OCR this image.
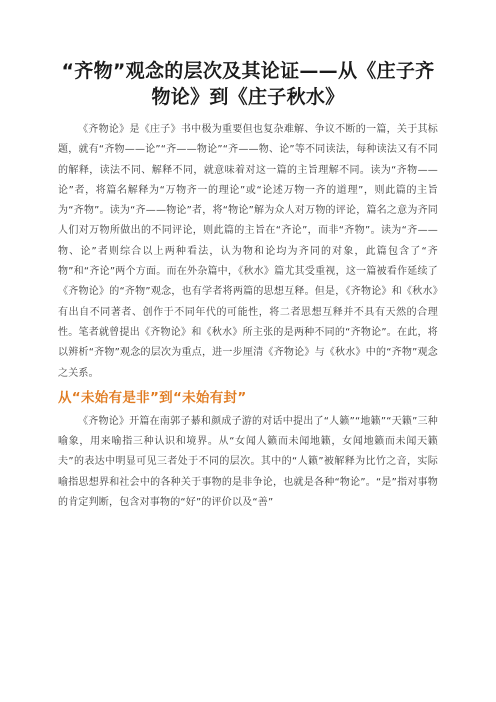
“齐物”观念的层次及其论证——从《庄子齐物论》到《庄子秋水》

《齐物论》是《庄子》书中极为重要但也复杂难解、争议不断的一篇，关于其标题，就有“齐物——论”“齐——物论”“齐——物、论”等不同读法，每种读法又有不同的解释，读法不同、解释不同，就意味着对这一篇的主旨理解不同。读为“齐物——论”者，将篇名解释为“万物齐一的理论”或“论述万物一齐的道理”，则此篇的主旨为“齐物”。读为“齐——物论”者，将“物论”解为众人对万物的评论，篇名之意为齐同人们对万物所做出的不同评论，则此篇的主旨在“齐论”，而非“齐物”。读为“齐——物、论”者则综合以上两种看法，认为物和论均为齐同的对象，此篇包含了“齐物”和“齐论”两个方面。而在外杂篇中，《秋水》篇尤其受重视，这一篇被看作延续了《齐物论》的“齐物”观念，也有学者将两篇的思想互释。但是，《齐物论》和《秋水》有出自不同著者、创作于不同年代的可能性，将二者思想互释并不具有天然的合理性。笔者就曾提出《齐物论》和《秋水》所主张的是两种不同的“齐物论”。在此，将以辨析“齐物”观念的层次为重点，进一步厘清《齐物论》与《秋水》中的“齐物”观念之关系。

从“未始有是非”到“未始有封”

《齐物论》开篇在南郭子綦和颜成子游的对话中提出了“人籁”“地籁”“天籁”三种喻象，用来喻指三种认识和境界。从“女闻人籁而未闻地籁，女闻地籁而未闻天籁夫”的表达中明显可见三者处于不同的层次。其中的“人籁”被解释为比竹之音，实际喻指思想界和社会中的各种关于事物的是非争论，也就是各种“物论”。“是”指对事物的肯定判断，包含对事物的“好”的评价以及“善”
